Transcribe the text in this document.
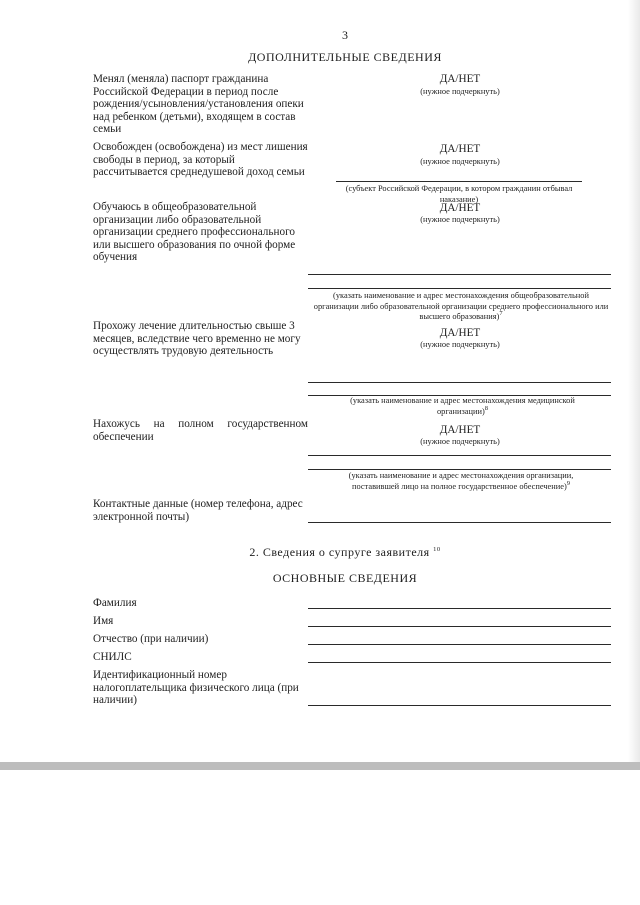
3
ДОПОЛНИТЕЛЬНЫЕ СВЕДЕНИЯ
Менял (меняла) паспорт гражданина Российской Федерации в период после рождения/усыновления/установления опеки над ребенком (детьми), входящем в состав семьи
ДА/НЕТ
(нужное подчеркнуть)
Освобожден (освобождена) из мест лишения свободы в период, за который рассчитывается среднедушевой доход семьи
ДА/НЕТ
(нужное подчеркнуть)
(субъект Российской Федерации, в котором гражданин отбывал наказание)
Обучаюсь в общеобразовательной организации либо образовательной организации среднего профессионального или высшего образования по очной форме обучения
ДА/НЕТ
(нужное подчеркнуть)
(указать наименование и адрес местонахождения общеобразовательной организации либо образовательной организации среднего профессионального или высшего образования)$^7$
Прохожу лечение длительностью свыше 3 месяцев, вследствие чего временно не могу осуществлять трудовую деятельность
ДА/НЕТ
(нужное подчеркнуть)
(указать наименование и адрес местонахождения медицинской организации)$^8$
Нахожусь на полном государственном обеспечении
ДА/НЕТ
(нужное подчеркнуть)
(указать наименование и адрес местонахождения организации, поставившей лицо на полное государственное обеспечение)$^9$
Контактные данные (номер телефона, адрес электронной почты)
2. Сведения о супруге заявителя $^{10}$
ОСНОВНЫЕ СВЕДЕНИЯ
Фамилия
Имя
Отчество (при наличии)
СНИЛС
Идентификационный номер налогоплательщика физического лица (при наличии)
